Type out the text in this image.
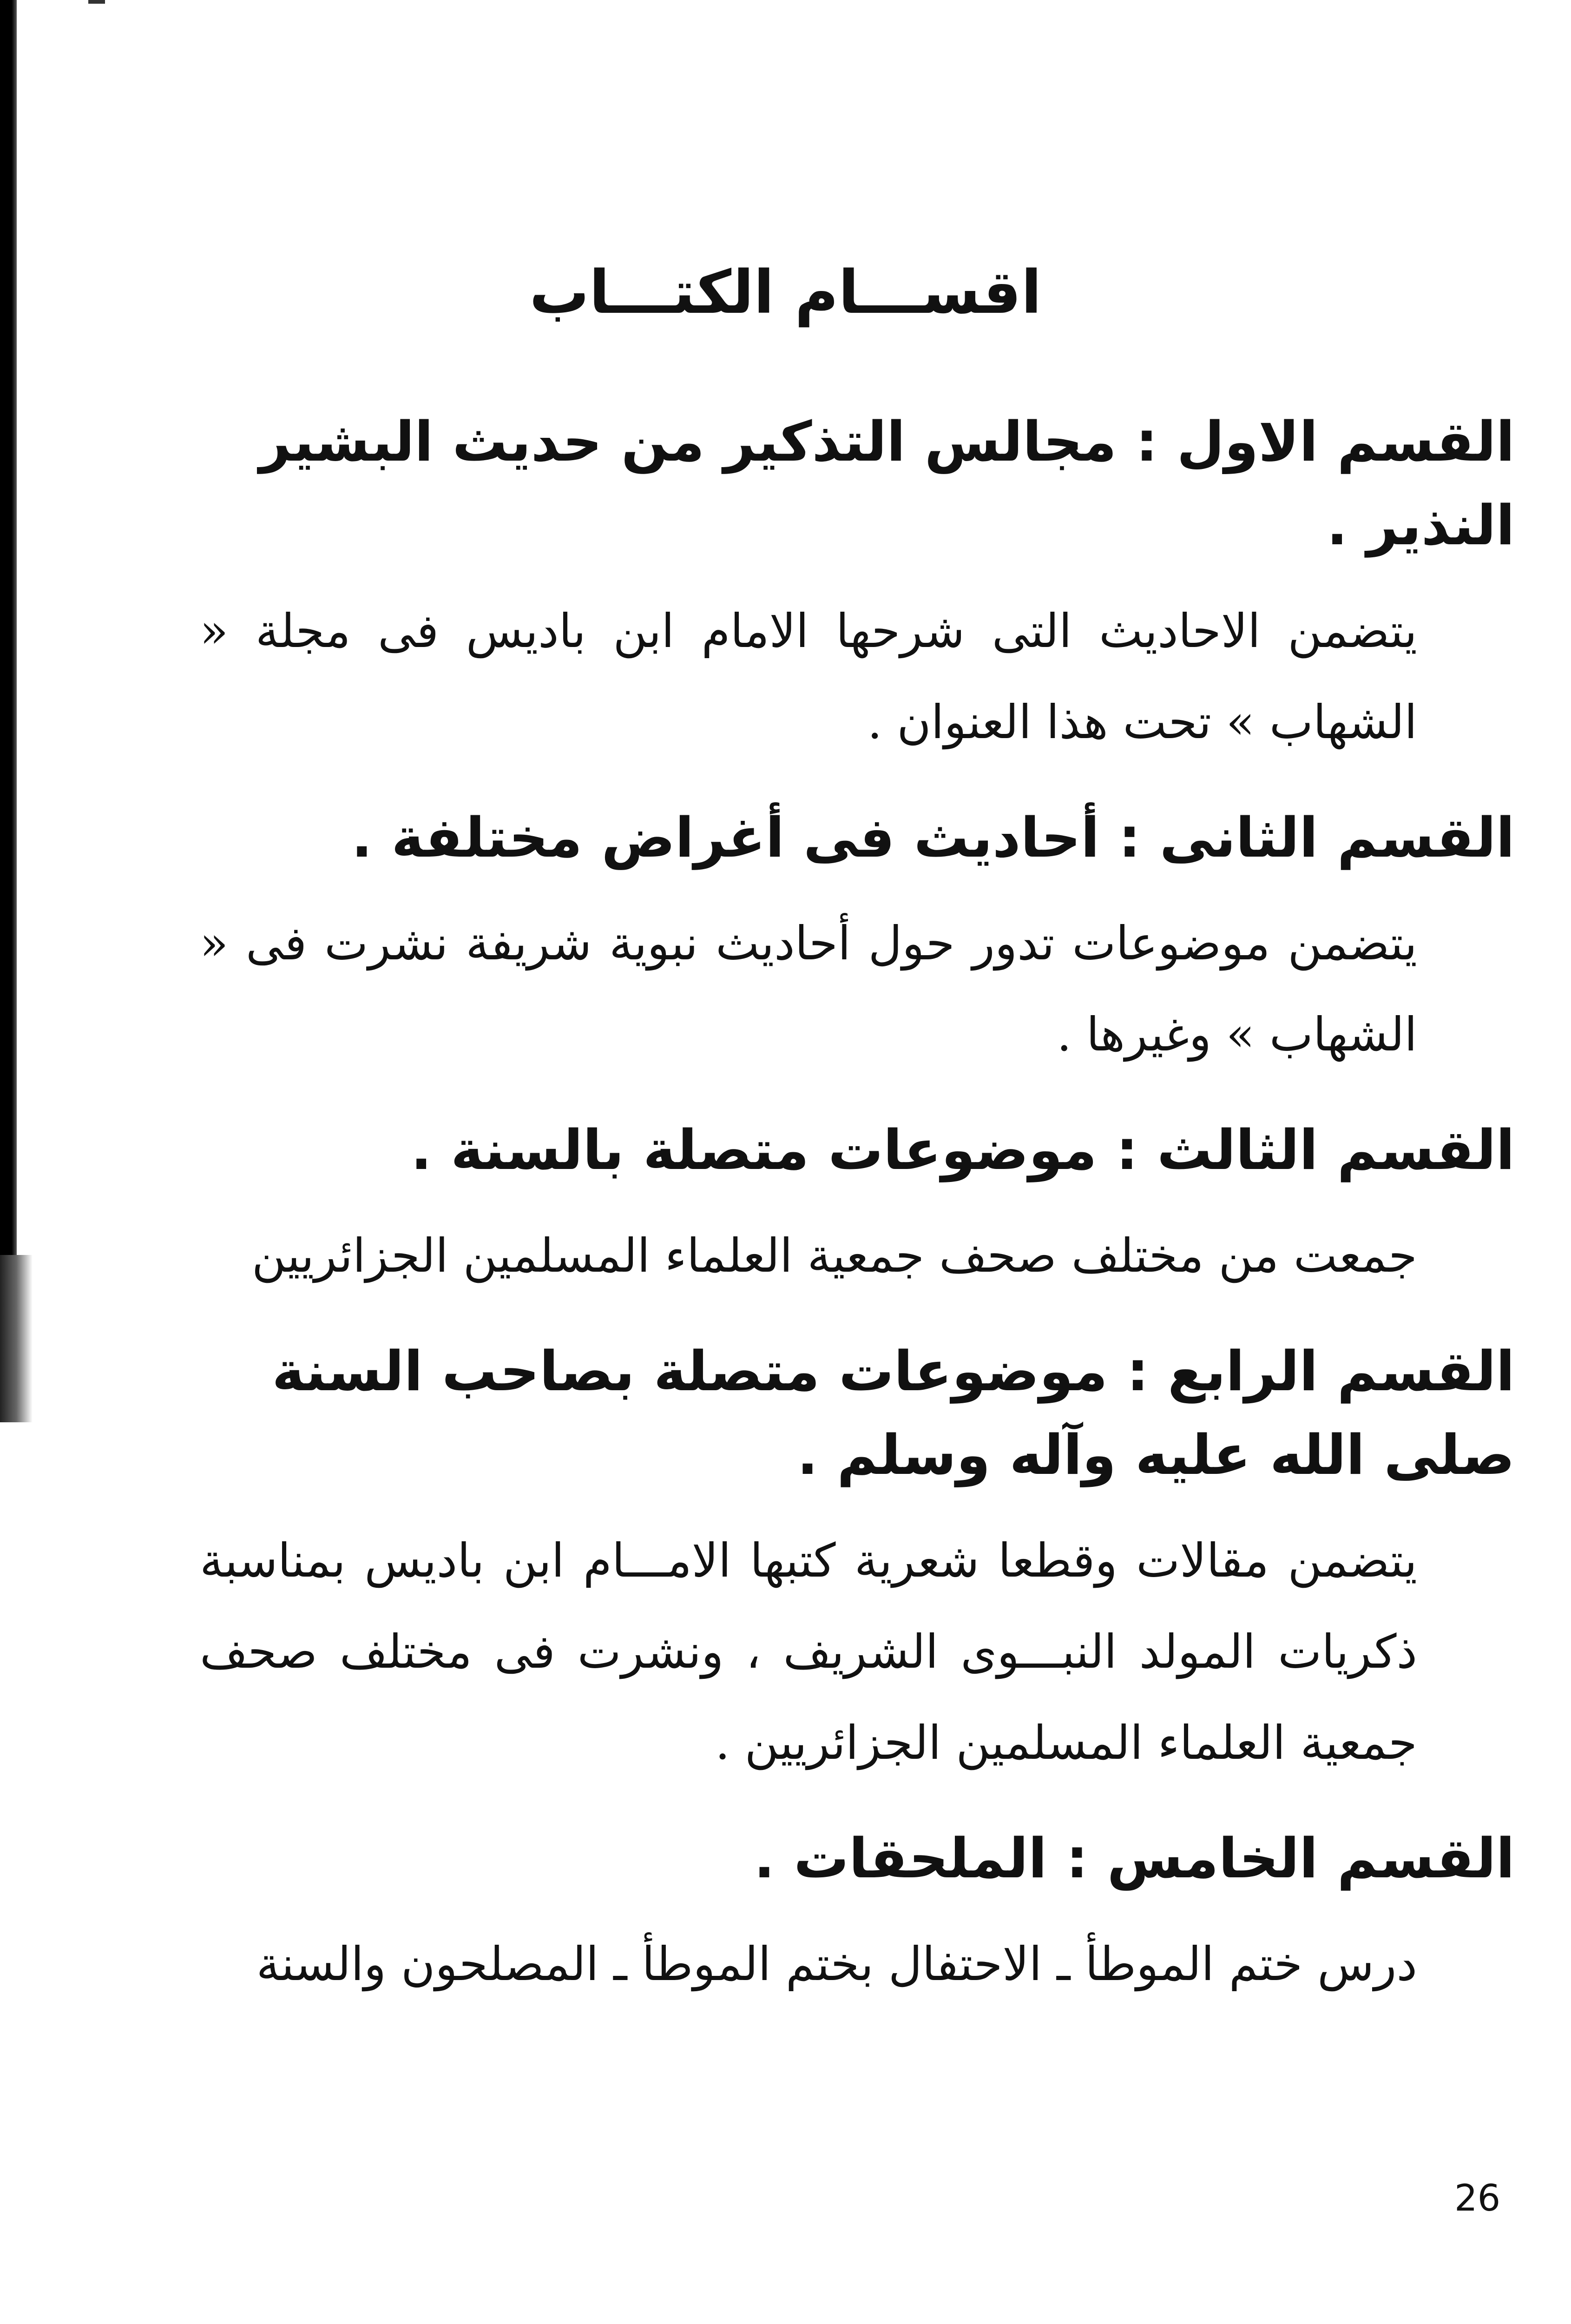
اقســـام الكتـــاب

القسم الاول : مجالس التذكير من حديث البشير النذير .

يتضمن الاحاديث التى شرحها الامام ابن باديس فى مجلة « الشهاب » تحت هذا العنوان .

القسم الثانى : أحاديث فى أغراض مختلفة .

يتضمن موضوعات تدور حول أحاديث نبوية شريفة نشرت فى « الشهاب » وغيرها .

القسم الثالث : موضوعات متصلة بالسنة .

جمعت من مختلف صحف جمعية العلماء المسلمين الجزائريين

القسم الرابع : موضوعات متصلة بصاحب السنة صلى الله عليه وآله وسلم .

يتضمن مقالات وقطعا شعرية كتبها الامـــام ابن باديس بمناسبة ذكريات المولد النبـــوى الشريف ، ونشرت فى مختلف صحف جمعية العلماء المسلمين الجزائريين .

القسم الخامس : الملحقات .

درس ختم الموطأ ـ الاحتفال بختم الموطأ ـ المصلحون والسنة

26
